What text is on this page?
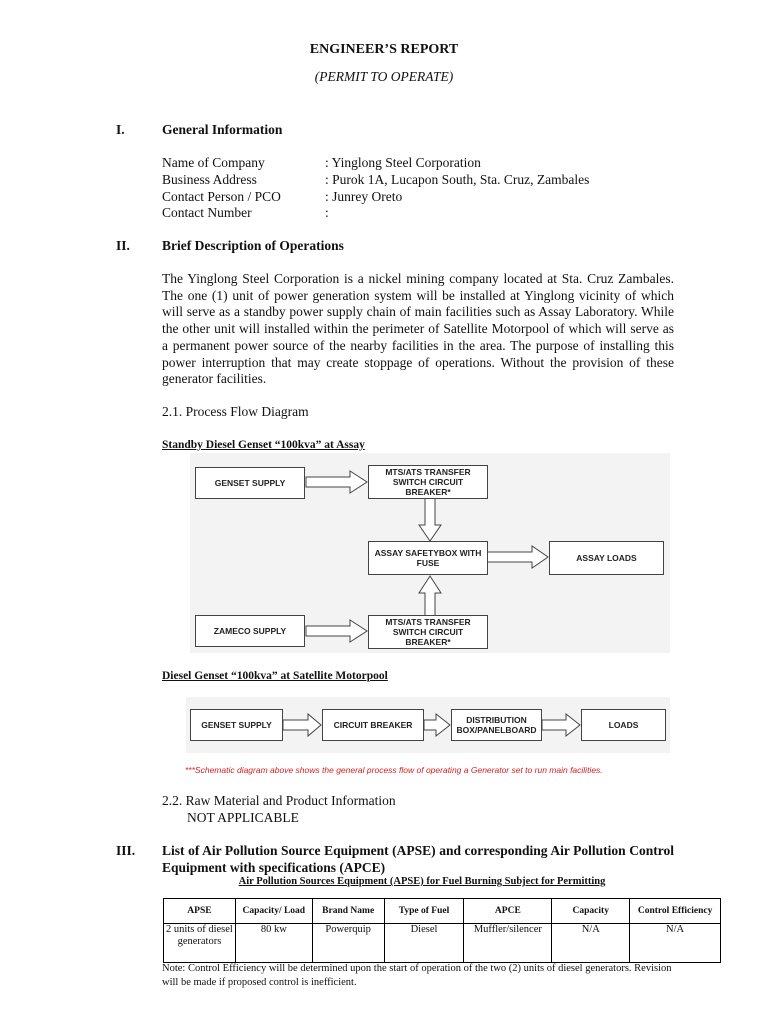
ENGINEER’S REPORT
(PERMIT TO OPERATE)
I.	General Information
Name of Company	: Yinglong Steel Corporation
Business Address	: Purok 1A, Lucapon South, Sta. Cruz, Zambales
Contact Person / PCO	: Junrey Oreto
Contact Number	:
II. Brief Description of Operations
The Yinglong Steel Corporation is a nickel mining company located at Sta. Cruz Zambales. The one (1) unit of power generation system will be installed at Yinglong vicinity of which will serve as a standby power supply chain of main facilities such as Assay Laboratory. While the other unit will installed within the perimeter of Satellite Motorpool of which will serve as a permanent power source of the nearby facilities in the area. The purpose of installing this power interruption that may create stoppage of operations. Without the provision of these generator facilities.
2.1. Process Flow Diagram
Standby Diesel Genset “100kva” at Assay
GENSET SUPPLY
MTS/ATS TRANSFER SWITCH CIRCUIT BREAKER*
ASSAY SAFETYBOX WITH FUSE	ASSAY LOADS
ZAMECO SUPPLY
MTS/ATS TRANSFER SWITCH CIRCUIT BREAKER*
Diesel Genset “100kva” at Satellite Motorpool
GENSET SUPPLY	CIRCUIT BREAKER	DISTRIBUTION BOX/PANELBOARD	LOADS
***Schematic diagram above shows the general process flow of operating a Generator set to run main facilities.
2.2. Raw Material and Product Information
NOT APPLICABLE
III. List of Air Pollution Source Equipment (APSE) and corresponding Air Pollution Control Equipment with specifications (APCE)
Air Pollution Sources Equipment (APSE) for Fuel Burning Subject for Permitting
APSE	Capacity/ Load	Brand Name	Type of Fuel	APCE	Capacity	Control Efficiency
2 units of diesel generators	80 kw	Powerquip	Diesel	Muffler/silencer	N/A	N/A
Note: Control Efficiency will be determined upon the start of operation of the two (2) units of diesel generators. Revision will be made if proposed control is inefficient.
